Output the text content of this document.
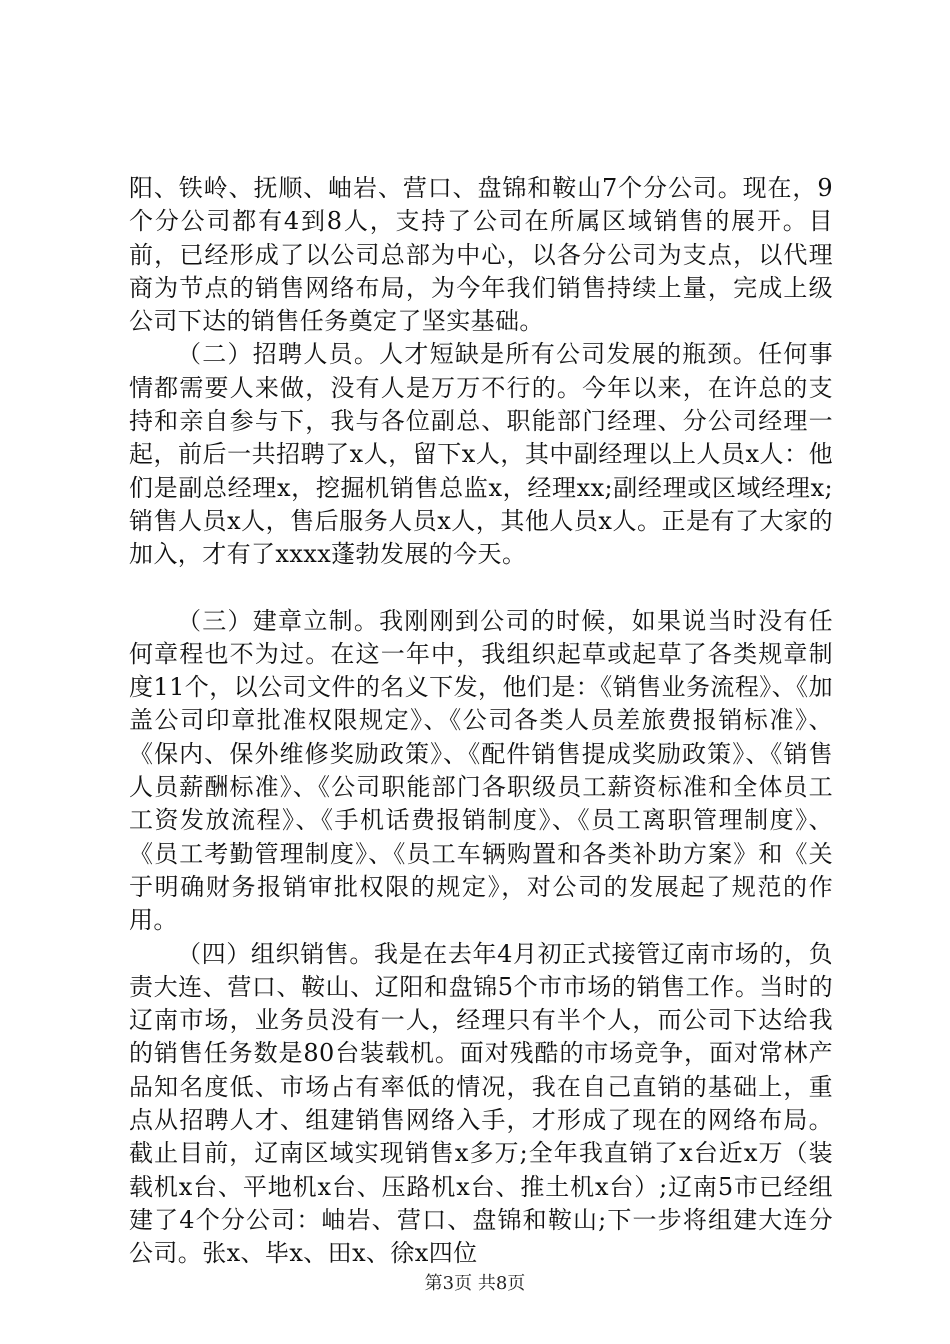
阳、铁岭、抚顺、岫岩、营口、盘锦和鞍山7个分公司。现在，9个分公司都有4到8人，支持了公司在所属区域销售的展开。目前，已经形成了以公司总部为中心，以各分公司为支点，以代理商为节点的销售网络布局，为今年我们销售持续上量，完成上级公司下达的销售任务奠定了坚实基础。

（二）招聘人员。人才短缺是所有公司发展的瓶颈。任何事情都需要人来做，没有人是万万不行的。今年以来，在许总的支持和亲自参与下，我与各位副总、职能部门经理、分公司经理一起，前后一共招聘了x人，留下x人，其中副经理以上人员x人：他们是副总经理x，挖掘机销售总监x，经理xx;副经理或区域经理x;销售人员x人，售后服务人员x人，其他人员x人。正是有了大家的加入，才有了xxxx蓬勃发展的今天。

（三）建章立制。我刚刚到公司的时候，如果说当时没有任何章程也不为过。在这一年中，我组织起草或起草了各类规章制度11个，以公司文件的名义下发，他们是：《销售业务流程》、《加盖公司印章批准权限规定》、《公司各类人员差旅费报销标准》、《保内、保外维修奖励政策》、《配件销售提成奖励政策》、《销售人员薪酬标准》、《公司职能部门各职级员工薪资标准和全体员工工资发放流程》、《手机话费报销制度》、《员工离职管理制度》、《员工考勤管理制度》、《员工车辆购置和各类补助方案》和《关于明确财务报销审批权限的规定》，对公司的发展起了规范的作用。

（四）组织销售。我是在去年4月初正式接管辽南市场的，负责大连、营口、鞍山、辽阳和盘锦5个市市场的销售工作。当时的辽南市场，业务员没有一人，经理只有半个人，而公司下达给我的销售任务数是80台装载机。面对残酷的市场竞争，面对常林产品知名度低、市场占有率低的情况，我在自己直销的基础上，重点从招聘人才、组建销售网络入手，才形成了现在的网络布局。截止目前，辽南区域实现销售x多万;全年我直销了x台近x万（装载机x台、平地机x台、压路机x台、推土机x台）;辽南5市已经组建了4个分公司：岫岩、营口、盘锦和鞍山;下一步将组建大连分公司。张x、毕x、田x、徐x四位

第3页 共8页
